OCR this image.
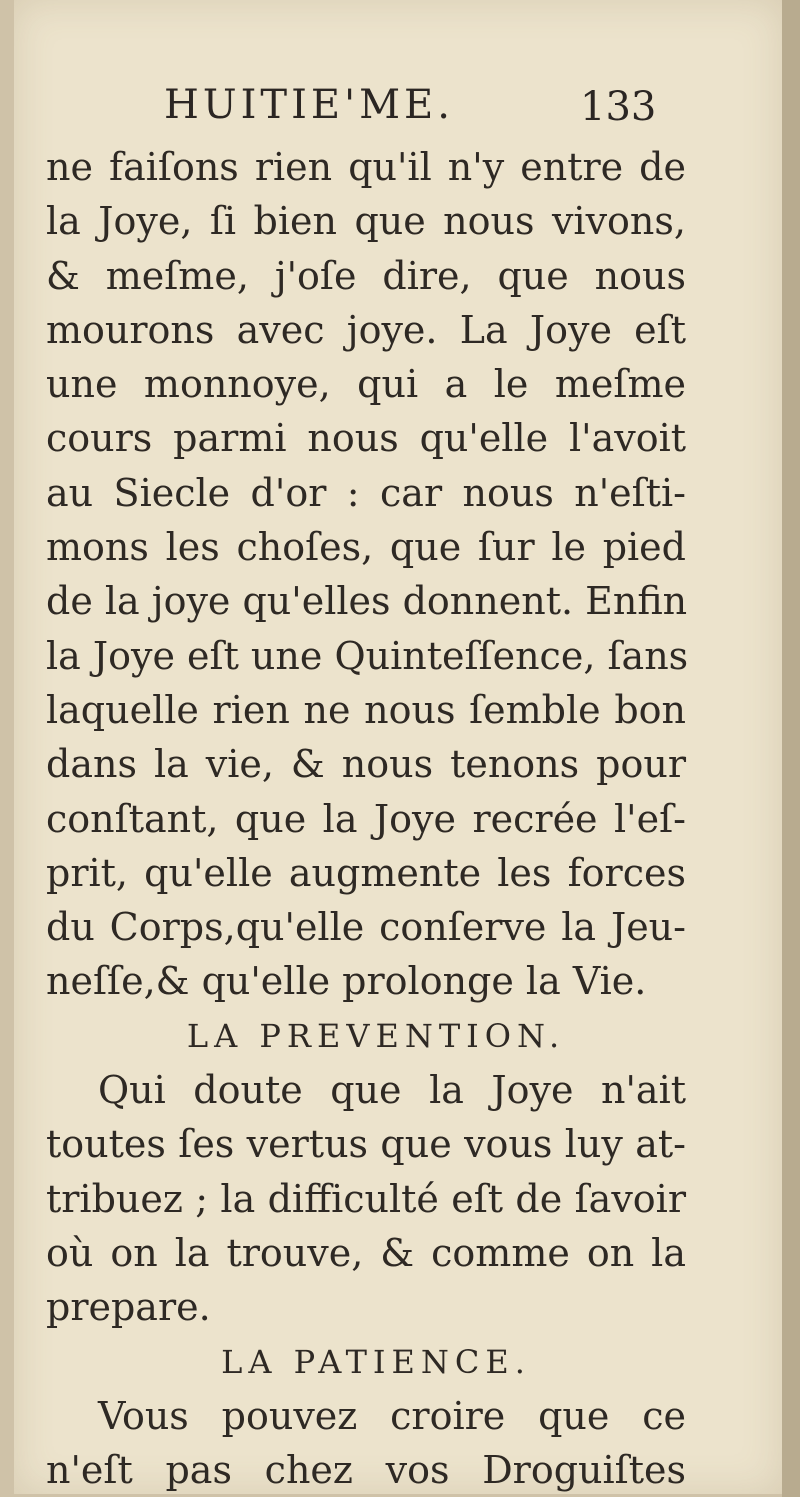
HUITIE'ME.	133
ne faiſons rien qu'il n'y entre de
la Joye, ſi bien que nous vivons,
& meſme, j'oſe dire, que nous
mourons avec joye. La Joye eſt
une monnoye, qui a le meſme
cours parmi nous qu'elle l'avoit
au Siecle d'or : car nous n'eſti-
mons les choſes, que ſur le pied
de la joye qu'elles donnent. Enfin
la Joye eſt une Quinteſſence, ſans
laquelle rien ne nous ſemble bon
dans la vie, & nous tenons pour
conſtant, que la Joye recrée l'eſ-
prit, qu'elle augmente les forces
du Corps,qu'elle conſerve la Jeu-
neſſe,& qu'elle prolonge la Vie.
LA PREVENTION.
Qui doute que la Joye n'ait
toutes ſes vertus que vous luy at-
tribuez ; la difficulté eſt de ſavoir
où on la trouve, & comme on la
prepare.
LA PATIENCE.
Vous pouvez croire que ce
n'eſt pas chez vos Droguiſtes
